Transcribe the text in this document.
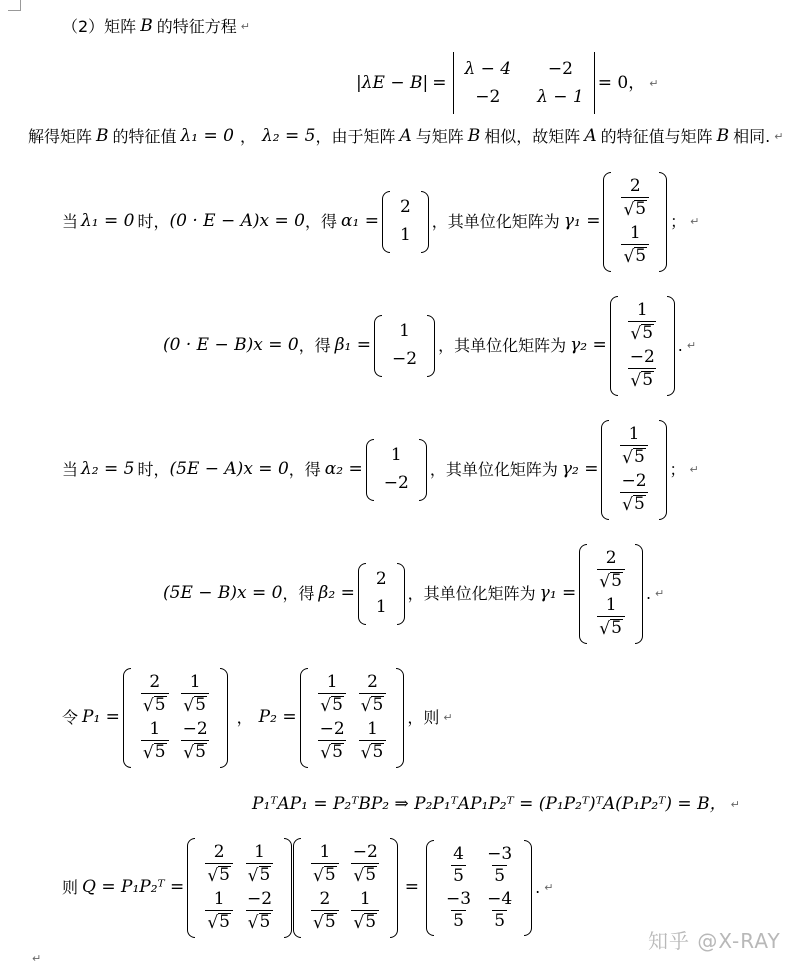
（2）矩阵 B 的特征方程 ↵
|λE − B| =
λ − 4
−2
−2
λ − 1
= 0， ↵
解得矩阵 B 的特征值 λ₁ = 0 ， λ₂ = 5 ，由于矩阵 A 与矩阵 B 相似，故矩阵 A 的特征值与矩阵 B 相同. ↵
当 λ₁ = 0 时， (0 · E − A)x = 0 ，得 α₁ =
2
1
，其单位化矩阵为 γ₁ =
$\frac{2}{√ 5}$
$\frac{1}{√ 5}$
； ↵
(0 · E − B)x = 0 ，得 β₁ =
1
−2
，其单位化矩阵为 γ₂ =
$\frac{1}{√ 5}$
$\frac{-2}{√ 5}$
. ↵
当 λ₂ = 5 时， (5E − A)x = 0 ，得 α₂ =
1
−2
，其单位化矩阵为 γ₂ =
$\frac{1}{√ 5}$
$\frac{-2}{√ 5}$
； ↵
(5E − B)x = 0 ，得 β₂ =
2
1
，其单位化矩阵为 γ₁ =
$\frac{2}{√ 5}$
$\frac{1}{√ 5}$
. ↵
令 P₁ =
$\frac{2}{√ 5}$
$\frac{1}{√ 5}$
$\frac{1}{√ 5}$
$\frac{-2}{√ 5}$
， P₂ =
$\frac{1}{√ 5}$
$\frac{-2}{√ 5}$
$\frac{2}{√ 5}$
$\frac{1}{√ 5}$
，则 ↵
P₁ᵀAP₁ = P₂ᵀBP₂ ⇒ P₂P₁ᵀAP₁P₂ᵀ = (P₁P₂ᵀ)ᵀA(P₁P₂ᵀ) = B， ↵
则 Q = P₁P₂ᵀ =
$\frac{2}{√ 5}$
$\frac{1}{√ 5}$
$\frac{1}{√ 5}$
$\frac{-2}{√ 5}$
$\frac{1}{√ 5}$
$\frac{2}{√ 5}$
$\frac{-2}{√ 5}$
$\frac{1}{√ 5}$
=
$\frac{4}{5}$
$\frac{-3}{5}$
$\frac{-3}{5}$
$\frac{-4}{5}$
. ↵
↵
知乎 @X-RAY
